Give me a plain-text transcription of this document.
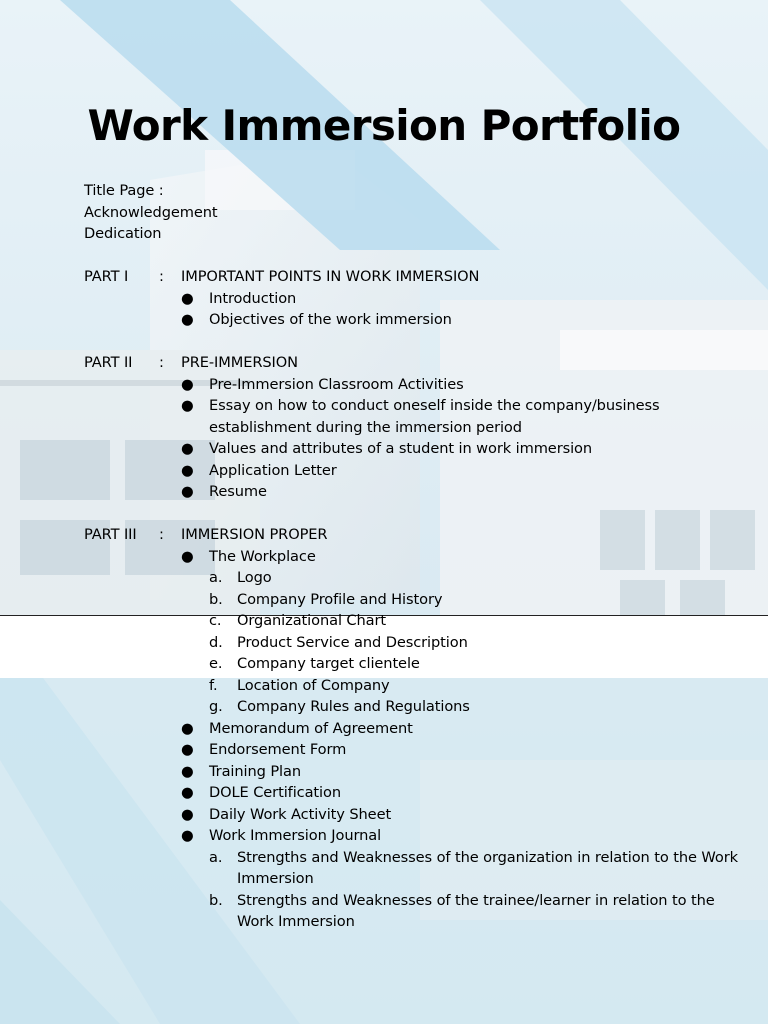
Work Immersion Portfolio
Title Page :
Acknowledgement
Dedication
PART I : IMPORTANT POINTS IN WORK IMMERSION
● Introduction
● Objectives of the work immersion
PART II : PRE-IMMERSION
● Pre-Immersion Classroom Activities
● Essay on how to conduct oneself inside the company/business establishment during the immersion period
● Values and attributes of a student in work immersion
● Application Letter
● Resume
PART III : IMMERSION PROPER
● The Workplace
a. Logo
b. Company Profile and History
c. Organizational Chart
d. Product Service and Description
e. Company target clientele
f. Location of Company
g. Company Rules and Regulations
● Memorandum of Agreement
● Endorsement Form
● Training Plan
● DOLE Certification
● Daily Work Activity Sheet
● Work Immersion Journal
a. Strengths and Weaknesses of the organization in relation to the Work Immersion
b. Strengths and Weaknesses of the trainee/learner in relation to the Work Immersion
